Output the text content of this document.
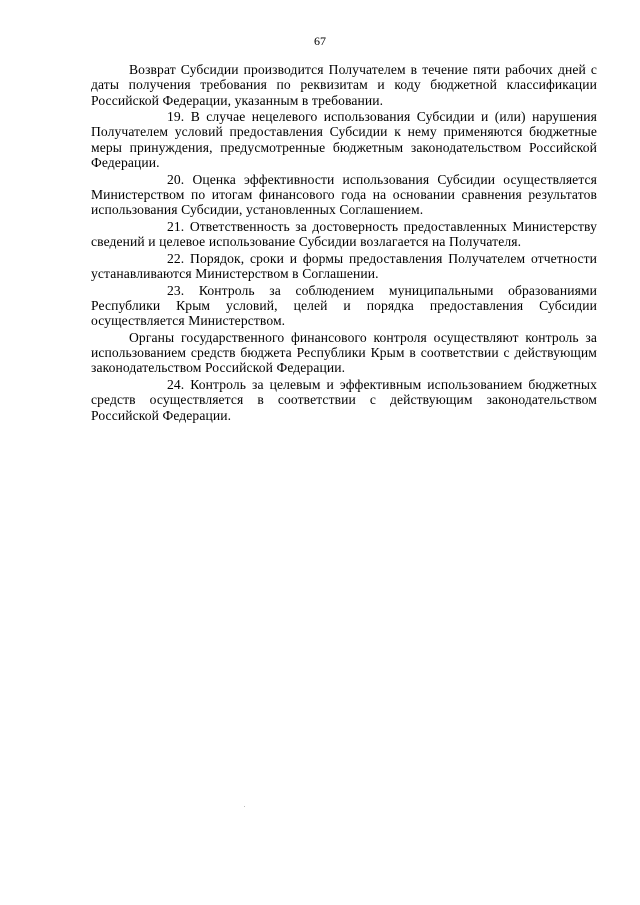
67

Возврат Субсидии производится Получателем в течение пяти рабочих дней с даты получения требования по реквизитам и коду бюджетной классификации Российской Федерации, указанным в требовании.

19. В случае нецелевого использования Субсидии и (или) нарушения Получателем условий предоставления Субсидии к нему применяются бюджетные меры принуждения, предусмотренные бюджетным законодательством Российской Федерации.

20. Оценка эффективности использования Субсидии осуществляется Министерством по итогам финансового года на основании сравнения результатов использования Субсидии, установленных Соглашением.

21. Ответственность за достоверность предоставленных Министерству сведений и целевое использование Субсидии возлагается на Получателя.

22. Порядок, сроки и формы предоставления Получателем отчетности устанавливаются Министерством в Соглашении.

23. Контроль за соблюдением муниципальными образованиями Республики Крым условий, целей и порядка предоставления Субсидии осуществляется Министерством.

Органы государственного финансового контроля осуществляют контроль за использованием средств бюджета Республики Крым в соответствии с действующим законодательством Российской Федерации.

24. Контроль за целевым и эффективным использованием бюджетных средств осуществляется в соответствии с действующим законодательством Российской Федерации.
